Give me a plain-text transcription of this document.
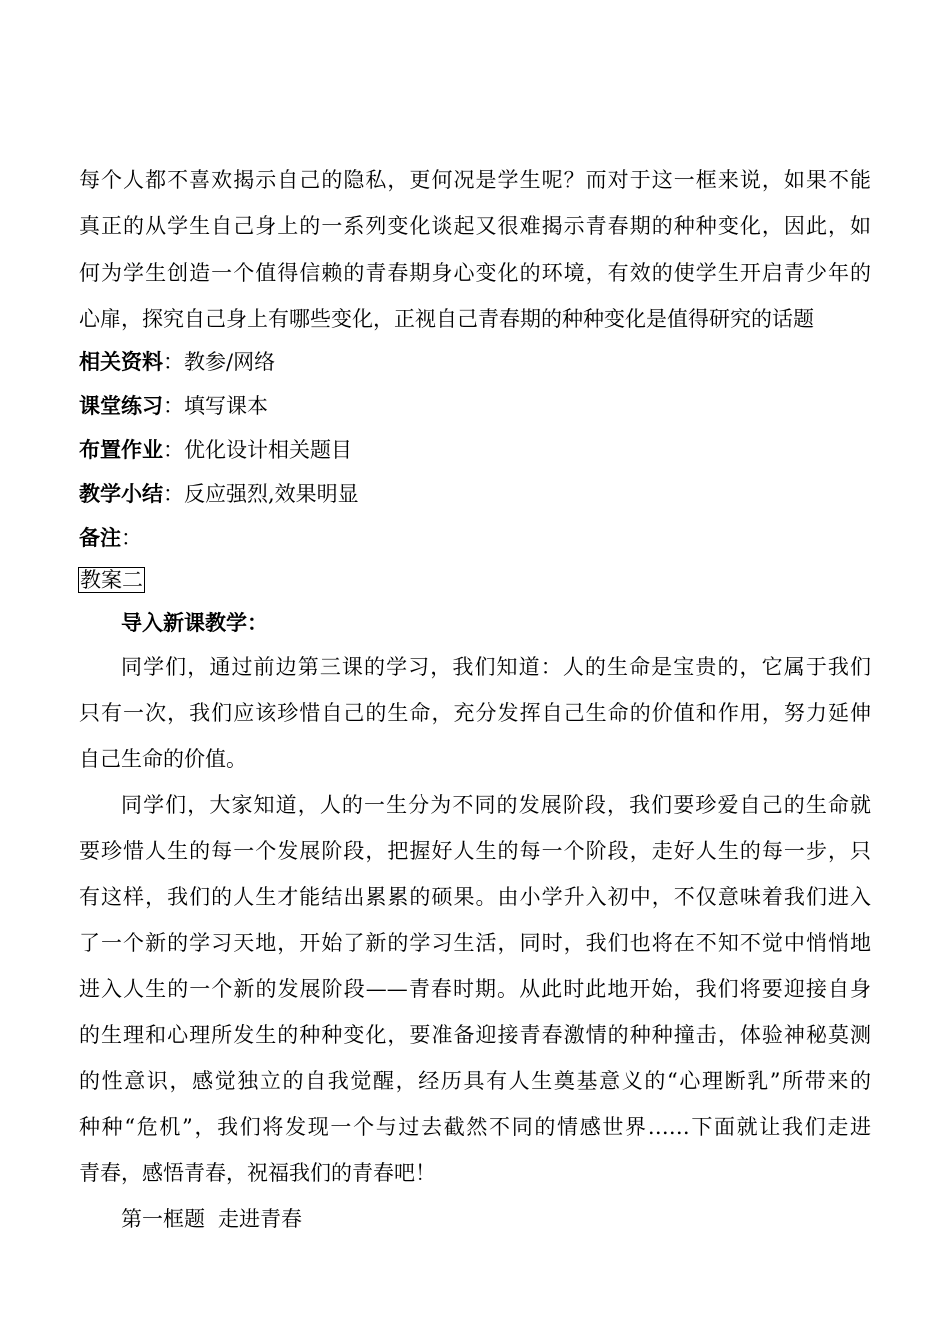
每个人都不喜欢揭示自己的隐私，更何况是学生呢？而对于这一框来说，如果不能
真正的从学生自己身上的一系列变化谈起又很难揭示青春期的种种变化，因此，如
何为学生创造一个值得信赖的青春期身心变化的环境，有效的使学生开启青少年的
心扉，探究自己身上有哪些变化，正视自己青春期的种种变化是值得研究的话题
相关资料：教参/网络
课堂练习：填写课本
布置作业：优化设计相关题目
教学小结：反应强烈,效果明显
备注：
教案二
导入新课教学：
同学们，通过前边第三课的学习，我们知道：人的生命是宝贵的，它属于我们
只有一次，我们应该珍惜自己的生命，充分发挥自己生命的价值和作用，努力延伸
自己生命的价值。
同学们，大家知道，人的一生分为不同的发展阶段，我们要珍爱自己的生命就
要珍惜人生的每一个发展阶段，把握好人生的每一个阶段，走好人生的每一步，只
有这样，我们的人生才能结出累累的硕果。由小学升入初中，不仅意味着我们进入
了一个新的学习天地，开始了新的学习生活，同时，我们也将在不知不觉中悄悄地
进入人生的一个新的发展阶段——青春时期。从此时此地开始，我们将要迎接自身
的生理和心理所发生的种种变化，要准备迎接青春激情的种种撞击，体验神秘莫测
的性意识，感觉独立的自我觉醒，经历具有人生奠基意义的“心理断乳”所带来的
种种“危机”，我们将发现一个与过去截然不同的情感世界……下面就让我们走进
青春，感悟青春，祝福我们的青春吧！
第一框题 走进青春
